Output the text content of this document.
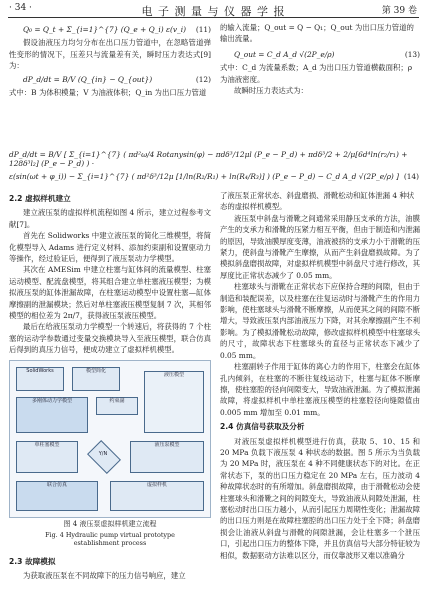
· 34 ·	电 子 测 量 与 仪 器 学 报	第 39 卷
Q₀ = Q_t + Σ_{i=1}^{7} (Q_e + Q_i) ε(v_i) (11)

假设油液压力均匀分布在出口压力管道中，在忽略管道弹性变形的情况下，压差只与流量差有关，瞬时压力表达式[9]为：

dP_d/dt = B/V (Q_{in} − Q_{out})	(12)

式中：B 为体积模量；V 为油液体积；Q_in 为出口压力管道

的输入流量；Q_out = Q − Q₁；Q_out 为出口压力管道的输出流量。

Q_out = C_d A_d √(2P_e/ρ)	(13)

式中：C_d 为流量系数；A_d 为出口压力管道横截面积；ρ 为油液密度。

故瞬时压力表达式为：

dP_d/dt = B/V [ Σ_{i=1}^{7} ( πd²ω/4 Rotanysin(φ) − πdδ³/12μl (P_e − P_d) + πdδ³/2 + 2/μ[6d⁴ln(r₂/r₁) + 128δ³l₂] (P_e − P_d) ) ·
ε(sin(ωt + φ_i)) − Σ_{i=1}^{7} ( πd²δ³/12μ [1/ln(R₂/R₁) + ln(R₄/R₃)] ) (P_e − P_d) − C_d A_d √(2P_e/ρ) ] (14)
2.2 虚拟样机建立

建立液压泵的虚拟样机流程如图 4 所示，建立过程参考文献[7]。

首先在 Solidworks 中建立液压泵的简化三维模型，将简化模型导入 Adams 进行定义材料、添加约束副和设置驱动力等操作，经过验证后，便得到了液压泵动力学模型。

其次在 AMESim 中建立柱塞与缸体间的流量模型、柱塞运动模型、配流盘模型，将其组合建立单柱塞液压模型；为模拟液压泵的缸体泄漏故障，在柱塞运动模型中设置柱塞—缸体摩擦副的泄漏模块；然后对单柱塞液压模型复制 7 次，其相邻模型的相位差为 2π/7，获得液压泵液压模型。

最后在给液压泵动力学模型一个转速后，将获得的 7 个柱塞的运动学参数通过变量交换模块导入至液压模型，联合仿真后得到的真压力信号，便成功建立了虚拟样机模型。

SolidWorks	模型简化
多刚体动力学模型	约束副
液压模型
单柱塞模型
Y/N
液压泵模型
联合仿真	虚拟样机
图 4 液压泵虚拟样机建立流程
Fig. 4 Hydraulic pump virtual prototype
establishment process
2.3 故障模拟

为获取液压泵在不同故障下的压力信号响应，建立

了液压泵正常状态、斜盘磨损、滑靴松动和缸体泄漏 4 种状态的虚拟样机模型。

液压泵中斜盘与滑靴之间通常采用静压支承的方法，油膜产生的支承力和滑靴的压紧力相互平衡，但由于制造和内泄漏的原因，导致油膜厚度变薄，油液被挤的支承力小于滑靴的压紧力，使斜盘与滑靴产生摩擦，从而产生斜盘磨损故障。为了模拟斜盘磨损故障，对虚拟样机模型中斜盘尺寸进行修改，其厚度比正常状态减少了 0.05 mm。

柱塞球头与滑靴在正常状态下应保持合理的间隙，但由于制造和装配误差，以及柱塞在往复运动时与滑靴产生的作用力影响，使柱塞球头与滑靴不断摩擦，从而使其之间的间隙不断增大，导致液压泵内部油液压力下降，对其余摩擦副产生不利影响。为了模拟滑靴松动故障，修改虚拟样机模型中柱塞球头的尺寸，故障状态下柱塞球头的直径与正常状态下减少了 0.05 mm。

柱塞副转子作用于缸体的离心力的作用下，柱塞会在缸体孔内倾斜，在柱塞的不断往复线运动下，柱塞与缸体不断摩擦，使柱塞腔的径向间隙变大，导致油液泄漏。为了模拟泄漏故障，将虚拟样机中单柱塞液压模型的柱塞腔径向缝隙值由 0.005 mm 增加至 0.01 mm。

2.4 仿真信号获取及分析

对液压泵虚拟样机模型进行仿真，获取 5、10、15 和 20 MPa 负载下液压泵 4 种状态的数据。图 5 所示为当负载为 20 MPa 时，液压泵在 4 种不同健康状态下的对比。在正常状态下，泵的出口压力稳定在 20 MPa 左右，压力波动 4 种故障状态时的有所增加。斜盘磨损故障，由于滑靴松动会使柱塞球头和滑靴之间的间隙变大，导致油液从间隙处泄漏，柱塞松动时出口压力越小，从而引起压力周期性变化；泄漏故障的出口压力则是在故障柱塞腔的出口压力处于全下降；斜盘磨损会让油液从斜盘与滑靴的间隙泄漏，会让柱塞多一个泄压口，引起出口压力的整体下降，并且仿真信号大部分特征较为相似，数据驱动方法难以区分，而仅靠波形又难以准确分
